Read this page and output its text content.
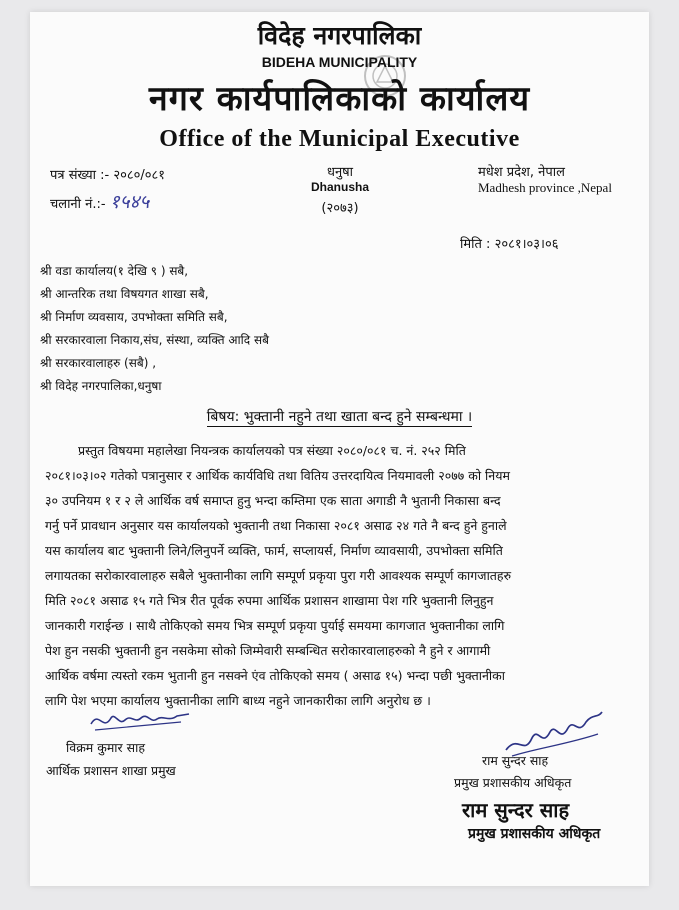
विदेह नगरपालिका
BIDEHA MUNICIPALITY
नगर कार्यपालिकाको कार्यालय
Office of the Municipal Executive
पत्र संख्या :- २०८०/०८१
चलानी नं.:- १५४५
धनुषा
Dhanusha
(२०७३)
मधेश प्रदेश, नेपाल
Madhesh province ,Nepal
मिति : २०८१।०३।०६
श्री वडा कार्यालय(१ देखि ९ ) सबै,
श्री आन्तरिक तथा विषयगत शाखा सबै,
श्री निर्माण व्यवसाय, उपभोक्ता समिति सबै,
श्री सरकारवाला निकाय,संघ, संस्था, व्यक्ति आदि सबै
श्री सरकारवालाहरु (सबै) ,
श्री विदेह नगरपालिका,धनुषा
बिषय: भुक्तानी नहुने तथा खाता बन्द हुने सम्बन्धमा ।
प्रस्तुत विषयमा महालेखा नियन्त्रक कार्यालयको पत्र संख्या २०८०/०८१ च. नं. २५२ मिति
२०८१।०३।०२ गतेको पत्रानुसार र आर्थिक कार्यविधि तथा वितिय उत्तरदायित्व नियमावली २०७७ को नियम
३० उपनियम १ र २ ले आर्थिक वर्ष समाप्त हुनु भन्दा कम्तिमा एक साता अगाडी नै भुतानी निकासा बन्द
गर्नु पर्ने प्रावधान अनुसार यस कार्यालयको भुक्तानी तथा निकासा २०८१ असाढ २४ गते नै बन्द हुने हुनाले
यस कार्यालय बाट भुक्तानी लिने/लिनुपर्ने व्यक्ति, फार्म, सप्लायर्स, निर्माण व्यावसायी, उपभोक्ता समिति
लगायतका सरोकारवालाहरु सबैले भुक्तानीका लागि सम्पूर्ण प्रकृया पुरा गरी आवश्यक सम्पूर्ण कागजातहरु
मिति २०८१ असाढ १५ गते भित्र रीत पूर्वक रुपमा आर्थिक प्रशासन शाखामा पेश गरि भुक्तानी लिनुहुन
जानकारी गराईन्छ । साथै तोकिएको समय भित्र सम्पूर्ण प्रकृया पुर्याई समयमा कागजात भुक्तानीका लागि
पेश हुन नसकी भुक्तानी हुन नसकेमा सोको जिम्मेवारी सम्बन्धित सरोकारवालाहरुको नै हुने र आगामी
आर्थिक वर्षमा त्यस्तो रकम भुतानी हुन नसक्ने एंव तोकिएको समय ( असाढ १५) भन्दा पछी भुक्तानीका
लागि पेश भएमा कार्यालय भुक्तानीका लागि बाध्य नहुने जानकारीका लागि अनुरोध छ ।
विक्रम कुमार साह
आर्थिक प्रशासन शाखा प्रमुख
राम सुन्दर साह
प्रमुख प्रशासकीय अधिकृत
राम सुन्दर साह
प्रमुख प्रशासकीय अधिकृत
